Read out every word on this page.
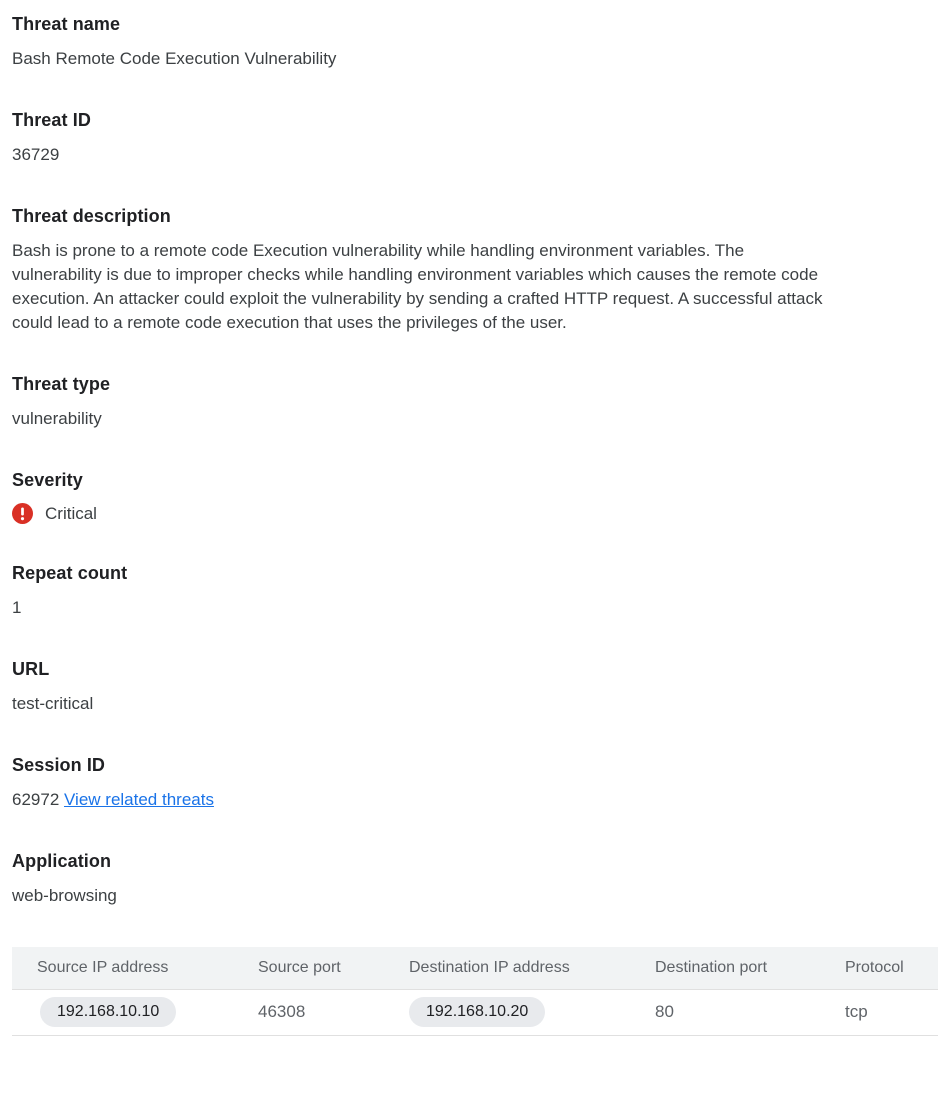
Threat name

Bash Remote Code Execution Vulnerability

Threat ID

36729

Threat description

Bash is prone to a remote code Execution vulnerability while handling environment variables. The vulnerability is due to improper checks while handling environment variables which causes the remote code execution. An attacker could exploit the vulnerability by sending a crafted HTTP request. A successful attack could lead to a remote code execution that uses the privileges of the user.

Threat type

vulnerability

Severity
Critical
Repeat count

1

URL

test-critical

Session ID

62972 View related threats

Application

web-browsing

Source IP address	Source port	Destination IP address	Destination port	Protocol
192.168.10.10	46308	192.168.10.20	80	tcp
